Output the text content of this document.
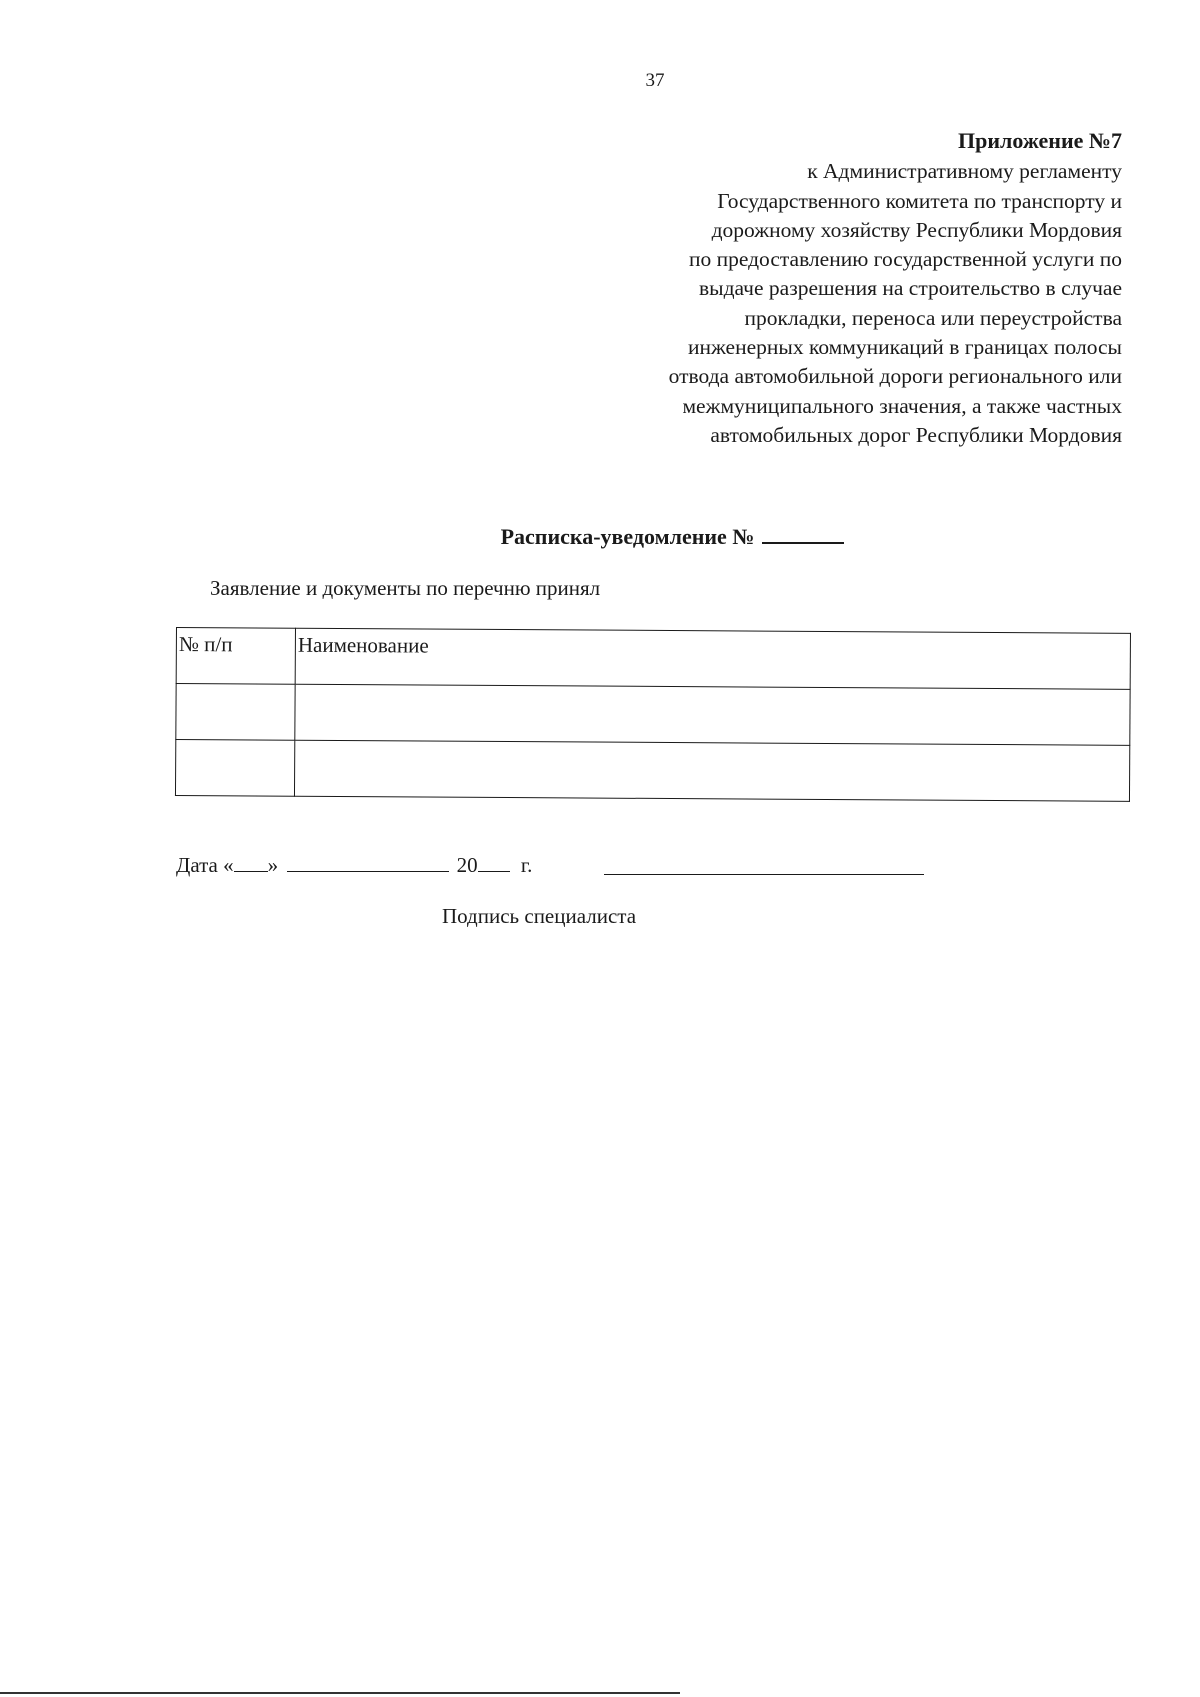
37
Приложение №7
к Административному регламенту
Государственного комитета по транспорту и
дорожному хозяйству Республики Мордовия
по предоставлению государственной услуги по
выдаче разрешения на строительство в случае
прокладки, переноса или переустройства
инженерных коммуникаций в границах полосы
отвода автомобильной дороги регионального или
межмуниципального значения, а также частных
автомобильных дорог Республики Мордовия
Расписка-уведомление №
Заявление и документы по перечню принял
№ п/п	Наименование

Дата « »	20 г.
Подпись специалиста
